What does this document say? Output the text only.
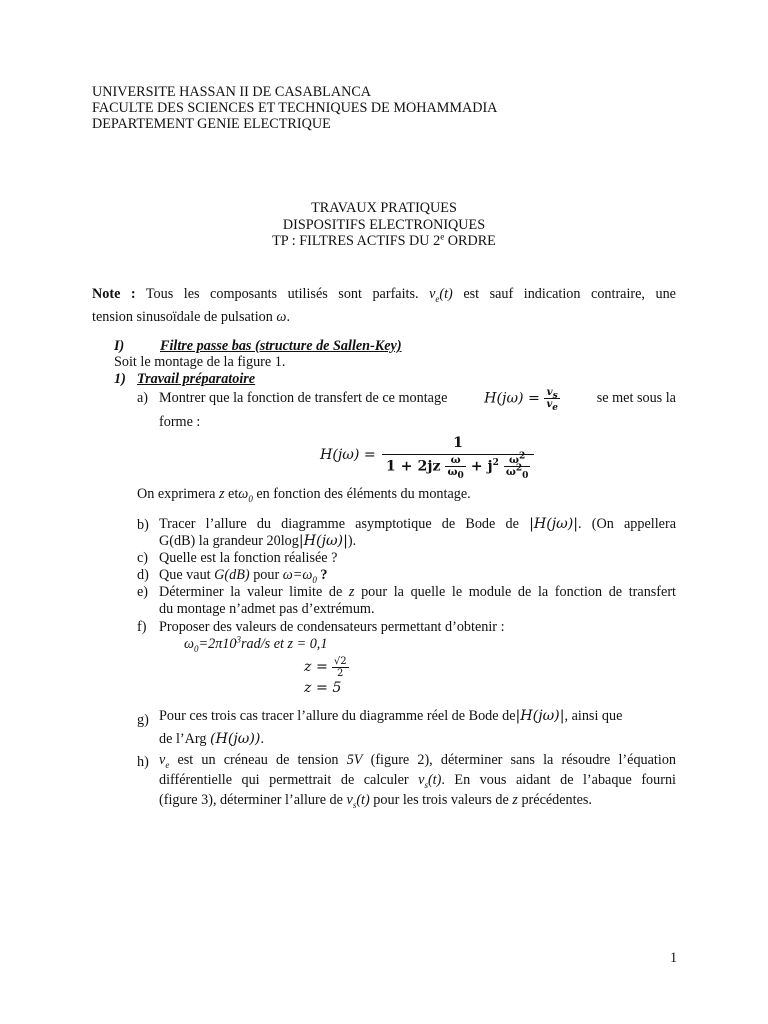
UNIVERSITE HASSAN II DE CASABLANCA
FACULTE DES SCIENCES ET TECHNIQUES DE MOHAMMADIA
DEPARTEMENT GENIE ELECTRIQUE
TRAVAUX PRATIQUES
DISPOSITIFS ELECTRONIQUES
TP : FILTRES ACTIFS DU 2e ORDRE
Note : Tous les composants utilisés sont parfaits. $v_e(t)$ est sauf indication contraire, une
tension sinusoïdale de pulsation ω.
I)	Filtre passe bas (structure de Sallen-Key)
Soit le montage de la figure 1.
1) Travail préparatoire
a) Montrer que la fonction de transfert de ce montage	$H(j\omega) = \frac{v_s}{v_e}$	se met sous la
forme :
$H(j\omega) = \frac{1}{1 + 2jz \frac{\omega}{\omega_0} + j^2 \frac{\omega^2}{\omega^2_0}}$
On exprimera z etω$_0$ en fonction des éléments du montage.
b) Tracer l’allure du diagramme asymptotique de Bode de |H(jω)|. (On appellera
G(dB) la grandeur 20log|H(jω)|).
c) Quelle est la fonction réalisée ?
d) Que vaut G(dB) pour $\omega=\omega_0$ ?
e) Déterminer la valeur limite de z pour la quelle le module de la fonction de transfert
du montage n’admet pas d’extrémum.
f) Proposer des valeurs de condensateurs permettant d’obtenir :
$\omega_0=2\pi 10^3rad/s$ et z = 0,1
$z = \frac{√2}{2}$
z = 5
g) Pour ces trois cas tracer l’allure du diagramme réel de Bode de|H(jω)|, ainsi que
de l’Arg (H(jω)).
h) $v_e$ est un créneau de tension 5V (figure 2), déterminer sans la résoudre l’équation
différentielle qui permettrait de calculer $v_s(t)$. En vous aidant de l’abaque fourni
(figure 3), déterminer l’allure de $v_s(t)$ pour les trois valeurs de z précédentes.
1
